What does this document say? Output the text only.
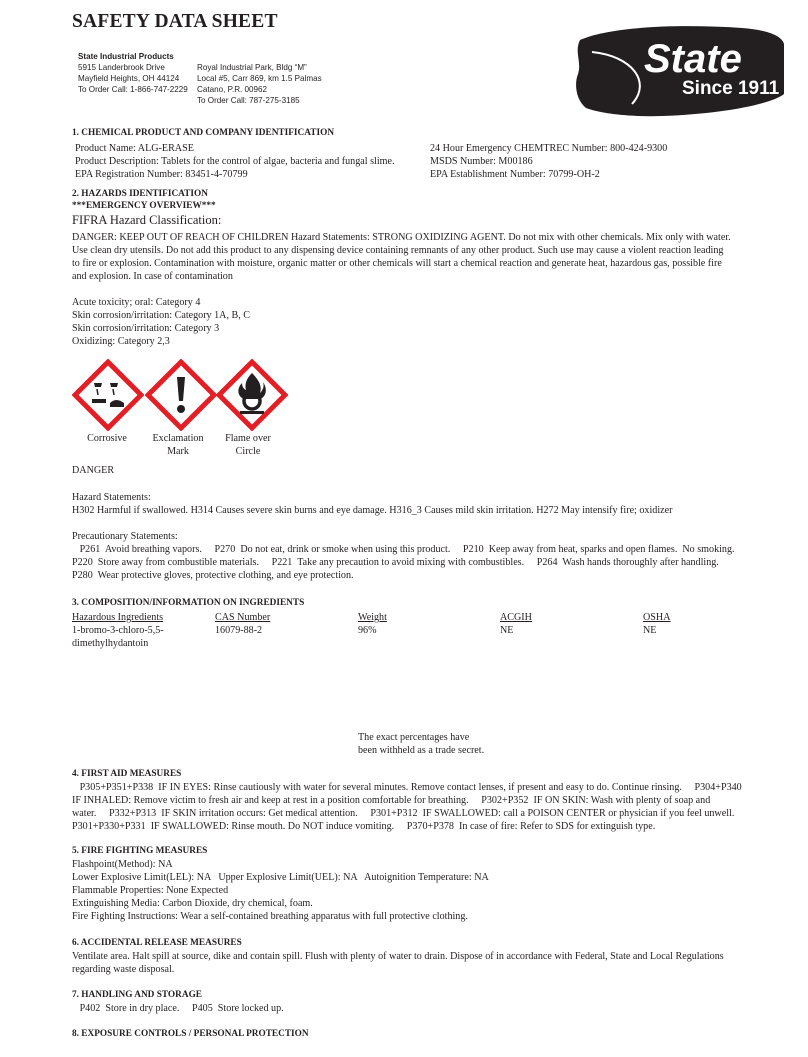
SAFETY DATA SHEET
State Industrial Products
5915 Landerbrook Drive
Mayfield Heights, OH 44124
To Order Call: 1-866-747-2229
Royal Industrial Park, Bldg “M”
Local #5, Carr 869, km 1.5 Palmas
Catano, P.R. 00962
To Order Call: 787-275-3185
State ®
Since 1911
1. CHEMICAL PRODUCT AND COMPANY IDENTIFICATION
Product Name: ALG-ERASE
Product Description: Tablets for the control of algae, bacteria and fungal slime.
EPA Registration Number: 83451-4-70799
24 Hour Emergency CHEMTREC Number: 800-424-9300
MSDS Number: M00186
EPA Establishment Number: 70799-OH-2
2. HAZARDS IDENTIFICATION
***EMERGENCY OVERVIEW***
FIFRA Hazard Classification:
DANGER: KEEP OUT OF REACH OF CHILDREN Hazard Statements: STRONG OXIDIZING AGENT. Do not mix with other chemicals. Mix only with water.
Use clean dry utensils. Do not add this product to any dispensing device containing remnants of any other product. Such use may cause a violent reaction leading
to fire or explosion. Contamination with moisture, organic matter or other chemicals will start a chemical reaction and generate heat, hazardous gas, possible fire
and explosion. In case of contamination
Acute toxicity; oral: Category 4
Skin corrosion/irritation: Category 1A, B, C
Skin corrosion/irritation: Category 3
Oxidizing: Category 2,3
Corrosive	Exclamation Mark
Flame over Circle
DANGER
Hazard Statements:
H302 Harmful if swallowed. H314 Causes severe skin burns and eye damage. H316_3 Causes mild skin irritation. H272 May intensify fire; oxidizer
Precautionary Statements:
P261  Avoid breathing vapors.     P270  Do not eat, drink or smoke when using this product.     P210  Keep away from heat, sparks and open flames.  No smoking.
P220  Store away from combustible materials.     P221  Take any precaution to avoid mixing with combustibles.     P264  Wash hands thoroughly after handling.
P280  Wear protective gloves, protective clothing, and eye protection.
3. COMPOSITION/INFORMATION ON INGREDIENTS
Hazardous Ingredients	CAS Number	Weight	ACGIH	OSHA
1-bromo-3-chloro-5,5-
dimethylhydantoin
16079-88-2	96%	NE	NE
The exact percentages have
been withheld as a trade secret.
4. FIRST AID MEASURES
P305+P351+P338  IF IN EYES: Rinse cautiously with water for several minutes. Remove contact lenses, if present and easy to do. Continue rinsing.     P304+P340
IF INHALED: Remove victim to fresh air and keep at rest in a position comfortable for breathing.     P302+P352  IF ON SKIN: Wash with plenty of soap and
water.     P332+P313  IF SKIN irritation occurs: Get medical attention.     P301+P312  IF SWALLOWED: call a POISON CENTER or physician if you feel unwell.
P301+P330+P331  IF SWALLOWED: Rinse mouth. Do NOT induce vomiting.     P370+P378  In case of fire: Refer to SDS for extinguish type.
5. FIRE FIGHTING MEASURES
Flashpoint(Method): NA
Lower Explosive Limit(LEL): NA   Upper Explosive Limit(UEL): NA   Autoignition Temperature: NA
Flammable Properties: None Expected
Extinguishing Media: Carbon Dioxide, dry chemical, foam.
Fire Fighting Instructions: Wear a self-contained breathing apparatus with full protective clothing.
6. ACCIDENTAL RELEASE MEASURES
Ventilate area. Halt spill at source, dike and contain spill. Flush with plenty of water to drain. Dispose of in accordance with Federal, State and Local Regulations
regarding waste disposal.
7. HANDLING AND STORAGE
P402  Store in dry place.     P405  Store locked up.
8. EXPOSURE CONTROLS / PERSONAL PROTECTION
